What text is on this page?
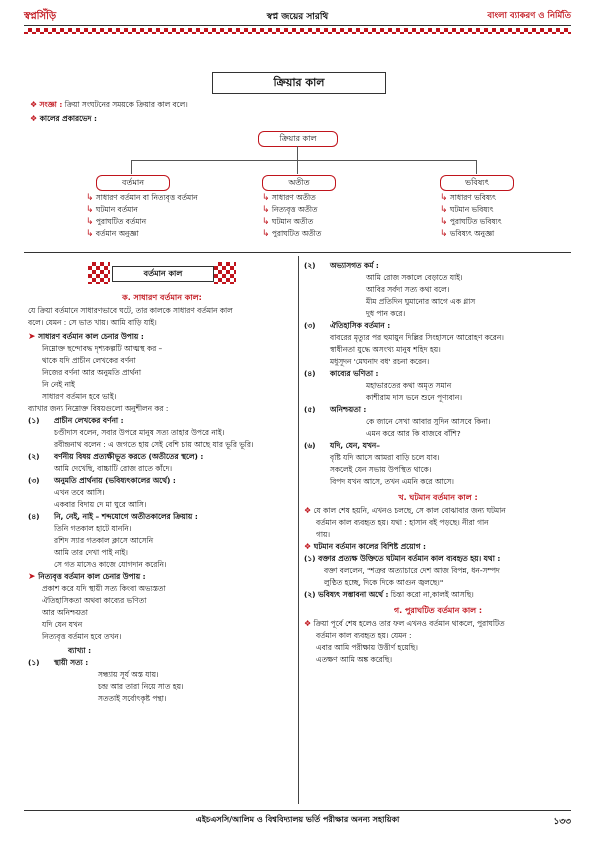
স্বপ্নসিঁড়ি	স্বপ্ন জয়ের সারথি	বাংলা ব্যাকরণ ও নির্মিতি
ক্রিয়ার কাল
❖ সংজ্ঞা : ক্রিয়া সংঘটনের সময়কে ক্রিয়ার কাল বলে।
❖ কালের প্রকারভেদ :
ক্রিয়ার কাল
বর্তমান	অতীত	ভবিষ্যৎ
↳ সাধারণ বর্তমান বা নিত্যবৃত্ত বর্তমান
↳ ঘটমান বর্তমান
↳ পুরাঘটিত বর্তমান
↳ বর্তমান অনুজ্ঞা
↳ সাধারণ অতীত
↳ নিত্যবৃত্ত অতীত
↳ ঘটমান অতীত
↳ পুরাঘটিত অতীত
↳ সাধারণ ভবিষ্যৎ
↳ ঘটমান ভবিষ্যৎ
↳ পুরাঘটিত ভবিষ্যৎ
↳ ভবিষ্যৎ অনুজ্ঞা
বর্তমান কাল
ক. সাধারণ বর্তমান কাল:
যে ক্রিয়া বর্তমানে সাধারণভাবে ঘটে, তার কালকে সাধারণ বর্তমান কাল
বলে। যেমন : সে ভাত খায়। আমি বাড়ি যাই।
➤ সাধারণ বর্তমান কাল চেনার উপায় :
নিম্নোক্ত ছন্দোবদ্ধ দৃশ্যকল্পটি আত্মস্থ কর –
থাকে যদি প্রাচীন লেখকের বর্ণনা
নিজের বর্ণনা আর অনুমতি প্রার্থনা
নি নেই নাই
সাধারণ বর্তমান হবে ভাই।
ব্যাখার জন্য নিম্নোক্ত বিষয়গুলো অনুশীলন কর :
(১) প্রাচীন লেখকের বর্ণনা :
চণ্ডীদাস বলেন, সবার উপরে মানুষ সত্য তাহার উপরে নাই।
রবীন্দ্রনাথ বলেন : এ জগতে হায় সেই বেশি চায় আছে যার ভূরি ভূরি।
(২) বর্ণনীয় বিষয় প্রত্যক্ষীভূত করতে (অতীতের স্থলে) :
আমি দেখেছি, বাচ্চাটি রোজ রাতে কাঁদে।
(৩) অনুমতি প্রার্থনায় (ভবিষ্যৎকালের অর্থে) :
এখন তবে আসি।
একবার বিদায় দে মা ঘুরে আসি।
(৪) নি, নেই, নাই – শব্দযোগে অতীতকালের ক্রিয়ায় :
তিনি গতকাল হাটে যাননি।
রশিদ স্যার গতকাল ক্লাসে আসেনি
আমি তার দেখা পাই নাই।
সে গত মাসেও কাজে যোগদান করেনি।
➤ নিত্যবৃত্ত বর্তমান কাল চেনার উপায় :
প্রকাশ করে যদি স্থায়ী সত্য কিংবা অভ্যস্ততা
ঐতিহাসিকতা অথবা কাব্যের ভণিতা
আর অনিশ্চয়তা
যদি যেন যখন
নিত্যবৃত্ত বর্তমান হবে তখন।
ব্যাখ্যা :
(১) স্থায়ী সত্য :
সন্ধ্যায় সূর্য অস্ত যায়।
চন্দ্র আর তারা নিয়ে সাত হয়।
সততাই সর্বোৎকৃষ্ট পন্থা।
(২) অভ্যাসগত কর্ম :
আমি রোজ সকালে বেড়াতে যাই।
আবির সর্বদা সত্য কথা বলে।
মীম প্রতিদিন ঘুমানোর আগে এক গ্লাস
দুধ পান করে।
(৩) ঐতিহাসিক বর্তমান :
বাবরের মৃত্যুর পর হুমায়ুন দিল্লির সিংহাসনে আরোহণ করেন।
স্বাধীনতা যুদ্ধে অসংখ্য মানুষ শহিদ হয়।
মধুসূদন 'মেঘনাদ বধ' রচনা করেন।
(৪) কাব্যের ভণিতা :
মহাভারতের কথা অমৃত সমান
কাশীরাম দাস ভনে শুনে পূণ্যবান।
(৫) অনিশ্চয়তা :
কে জানে সেখা আবার সুদিন আসবে কিনা।
এমন করে আর কি বাজবে বাঁশি?
(৬) যদি, যেন, যখন–
বৃষ্টি যদি আসে আমরা বাড়ি চলে যাব।
সকলেই যেন সভায় উপস্থিত থাকে।
বিপদ যখন আসে, তখন এমনি করে আসে।
খ. ঘটমান বর্তমান কাল :
❖ যে কাল শেষ হয়নি, এখনও চলছে, সে কাল বোঝাবার জন্য ঘটমান
বর্তমান কাল ব্যবহৃত হয়। যথা : হাসান বই পড়ছে। নীরা গান
গায়।
❖ ঘটমান বর্তমান কালের বিশিষ্ট প্রয়োগ :
(১) বক্তার প্রত্যক্ষ উক্তিতে ঘটমান বর্তমান কাল ব্যবহৃত হয়। যথা :
বক্তা বললেন, "শত্রুর অত্যাচারে দেশ আজ বিপন্ন, ধন-সম্পদ
লুণ্ঠিত হচ্ছে, দিকে দিকে আগুন জ্বলছে।"
(২) ভবিষ্যৎ সম্ভাবনা অর্থে : চিন্তা করো না,কালই আসছি।
গ. পুরাঘটিত বর্তমান কাল :
❖ ক্রিয়া পূর্বে শেষ হলেও তার ফল এখনও বর্তমান থাকলে, পুরাঘটিত
বর্তমান কাল ব্যবহৃত হয়। যেমন :
এবার আমি পরীক্ষায় উত্তীর্ণ হয়েছি।
এতক্ষণ আমি অঙ্ক করেছি।
এইচএসসি/আলিম ও বিশ্ববিদ্যালয় ভর্তি পরীক্ষার অনন্য সহায়িকা	১৩৩
